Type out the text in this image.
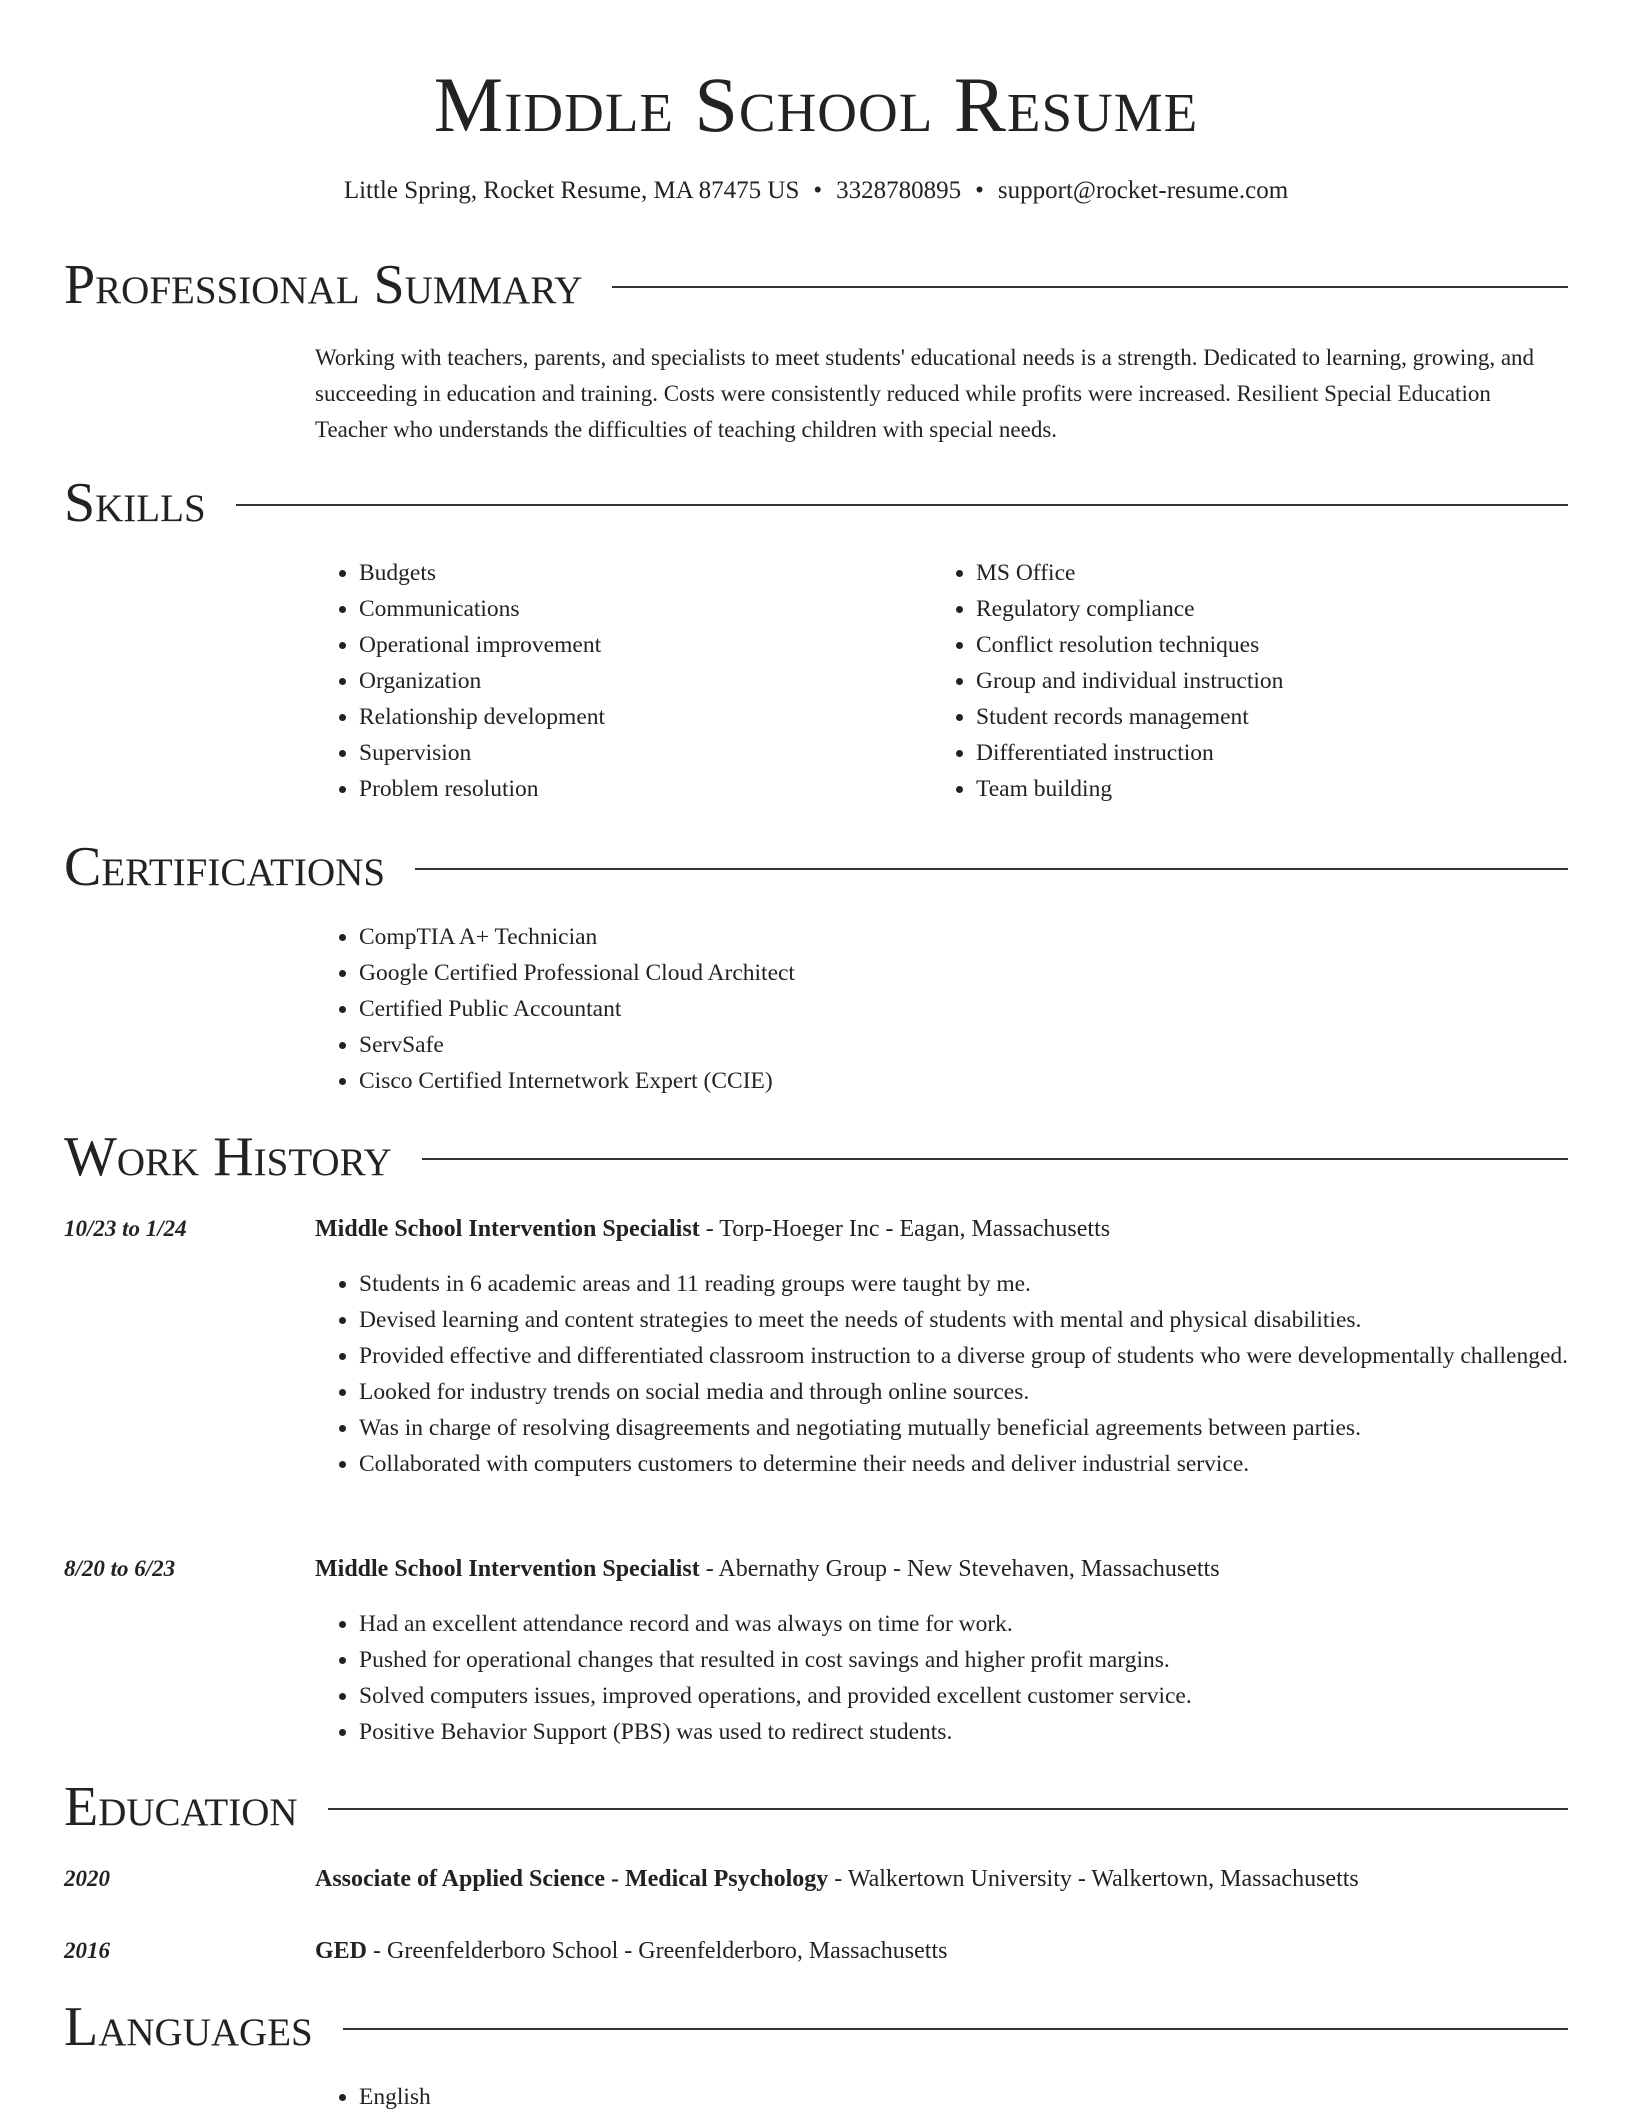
Middle School Resume
Little Spring, Rocket Resume, MA 87475 US • 3328780895 • support@rocket-resume.com
Professional Summary

Working with teachers, parents, and specialists to meet students' educational needs is a strength. Dedicated to learning, growing, and succeeding in education and training. Costs were consistently reduced while profits were increased. Resilient Special Education Teacher who understands the difficulties of teaching children with special needs.

Skills
• Budgets
• Communications
• Operational improvement
• Organization
• Relationship development
• Supervision
• Problem resolution
• MS Office
• Regulatory compliance
• Conflict resolution techniques
• Group and individual instruction
• Student records management
• Differentiated instruction
• Team building
Certifications
• CompTIA A+ Technician
• Google Certified Professional Cloud Architect
• Certified Public Accountant
• ServSafe
• Cisco Certified Internetwork Expert (CCIE)
Work History
10/23 to 1/24	Middle School Intervention Specialist - Torp-Hoeger Inc - Eagan, Massachusetts
• Students in 6 academic areas and 11 reading groups were taught by me.
• Devised learning and content strategies to meet the needs of students with mental and physical disabilities.
• Provided effective and differentiated classroom instruction to a diverse group of students who were developmentally challenged.
• Looked for industry trends on social media and through online sources.
• Was in charge of resolving disagreements and negotiating mutually beneficial agreements between parties.
• Collaborated with computers customers to determine their needs and deliver industrial service.
8/20 to 6/23	Middle School Intervention Specialist - Abernathy Group - New Stevehaven, Massachusetts
• Had an excellent attendance record and was always on time for work.
• Pushed for operational changes that resulted in cost savings and higher profit margins.
• Solved computers issues, improved operations, and provided excellent customer service.
• Positive Behavior Support (PBS) was used to redirect students.
Education
2020	Associate of Applied Science - Medical Psychology - Walkertown University - Walkertown, Massachusetts
2016	GED - Greenfelderboro School - Greenfelderboro, Massachusetts
Languages
• English
